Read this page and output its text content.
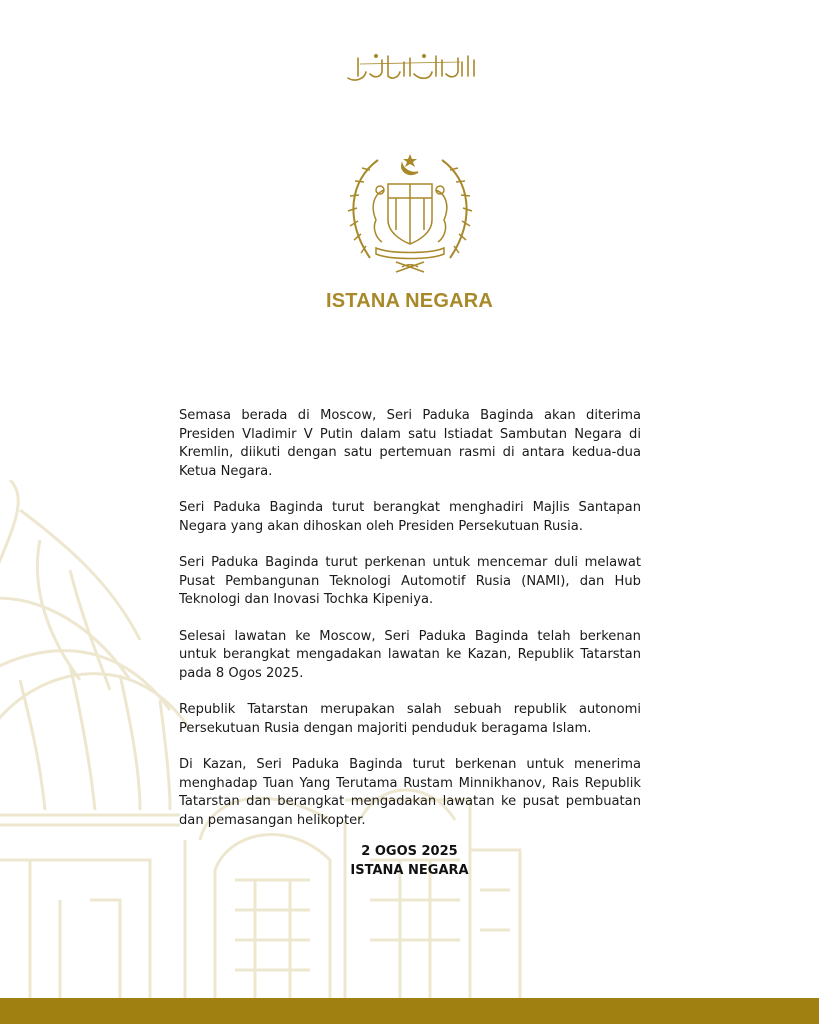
ISTANA NEGARA

Semasa berada di Moscow, Seri Paduka Baginda akan diterima Presiden Vladimir V Putin dalam satu Istiadat Sambutan Negara di Kremlin, diikuti dengan satu pertemuan rasmi di antara kedua-dua Ketua Negara.

Seri Paduka Baginda turut berangkat menghadiri Majlis Santapan Negara yang akan dihoskan oleh Presiden Persekutuan Rusia.

Seri Paduka Baginda turut perkenan untuk mencemar duli melawat Pusat Pembangunan Teknologi Automotif Rusia (NAMI), dan Hub Teknologi dan Inovasi Tochka Kipeniya.

Selesai lawatan ke Moscow, Seri Paduka Baginda telah berkenan untuk berangkat mengadakan lawatan ke Kazan, Republik Tatarstan pada 8 Ogos 2025.

Republik Tatarstan merupakan salah sebuah republik autonomi Persekutuan Rusia dengan majoriti penduduk beragama Islam.

Di Kazan, Seri Paduka Baginda turut berkenan untuk menerima menghadap Tuan Yang Terutama Rustam Minnikhanov, Rais Republik Tatarstan dan berangkat mengadakan lawatan ke pusat pembuatan dan pemasangan helikopter.

2 OGOS 2025
ISTANA NEGARA
